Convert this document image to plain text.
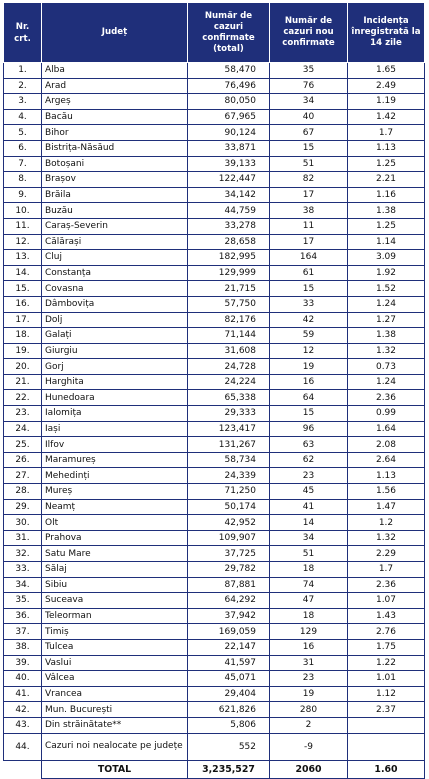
Nr. crt.	Județ	Număr de cazuri confirmate (total)	Număr de cazuri nou confirmate	Incidența înregistrată la 14 zile
1.	Alba	58,470	35	1.65
2.	Arad	76,496	76	2.49
3.	Argeș	80,050	34	1.19
4.	Bacău	67,965	40	1.42
5.	Bihor	90,124	67	1.7
6.	Bistrița-Năsăud	33,871	15	1.13
7.	Botoșani	39,133	51	1.25
8.	Brașov	122,447	82	2.21
9.	Brăila	34,142	17	1.16
10.	Buzău	44,759	38	1.38
11.	Caraș-Severin	33,278	11	1.25
12.	Călărași	28,658	17	1.14
13.	Cluj	182,995	164	3.09
14.	Constanța	129,999	61	1.92
15.	Covasna	21,715	15	1.52
16.	Dâmbovița	57,750	33	1.24
17.	Dolj	82,176	42	1.27
18.	Galați	71,144	59	1.38
19.	Giurgiu	31,608	12	1.32
20.	Gorj	24,728	19	0.73
21.	Harghita	24,224	16	1.24
22.	Hunedoara	65,338	64	2.36
23.	Ialomița	29,333	15	0.99
24.	Iași	123,417	96	1.64
25.	Ilfov	131,267	63	2.08
26.	Maramureș	58,734	62	2.64
27.	Mehedinți	24,339	23	1.13
28.	Mureș	71,250	45	1.56
29.	Neamț	50,174	41	1.47
30.	Olt	42,952	14	1.2
31.	Prahova	109,907	34	1.32
32.	Satu Mare	37,725	51	2.29
33.	Sălaj	29,782	18	1.7
34.	Sibiu	87,881	74	2.36
35.	Suceava	64,292	47	1.07
36.	Teleorman	37,942	18	1.43
37.	Timiș	169,059	129	2.76
38.	Tulcea	22,147	16	1.75
39.	Vaslui	41,597	31	1.22
40.	Vâlcea	45,071	23	1.01
41.	Vrancea	29,404	19	1.12
42.	Mun. București	621,826	280	2.37
43.	Din străinătate**	5,806	2	
44.	Cazuri noi nealocate pe județe	552	-9	
	TOTAL	3,235,527	2060	1.60
